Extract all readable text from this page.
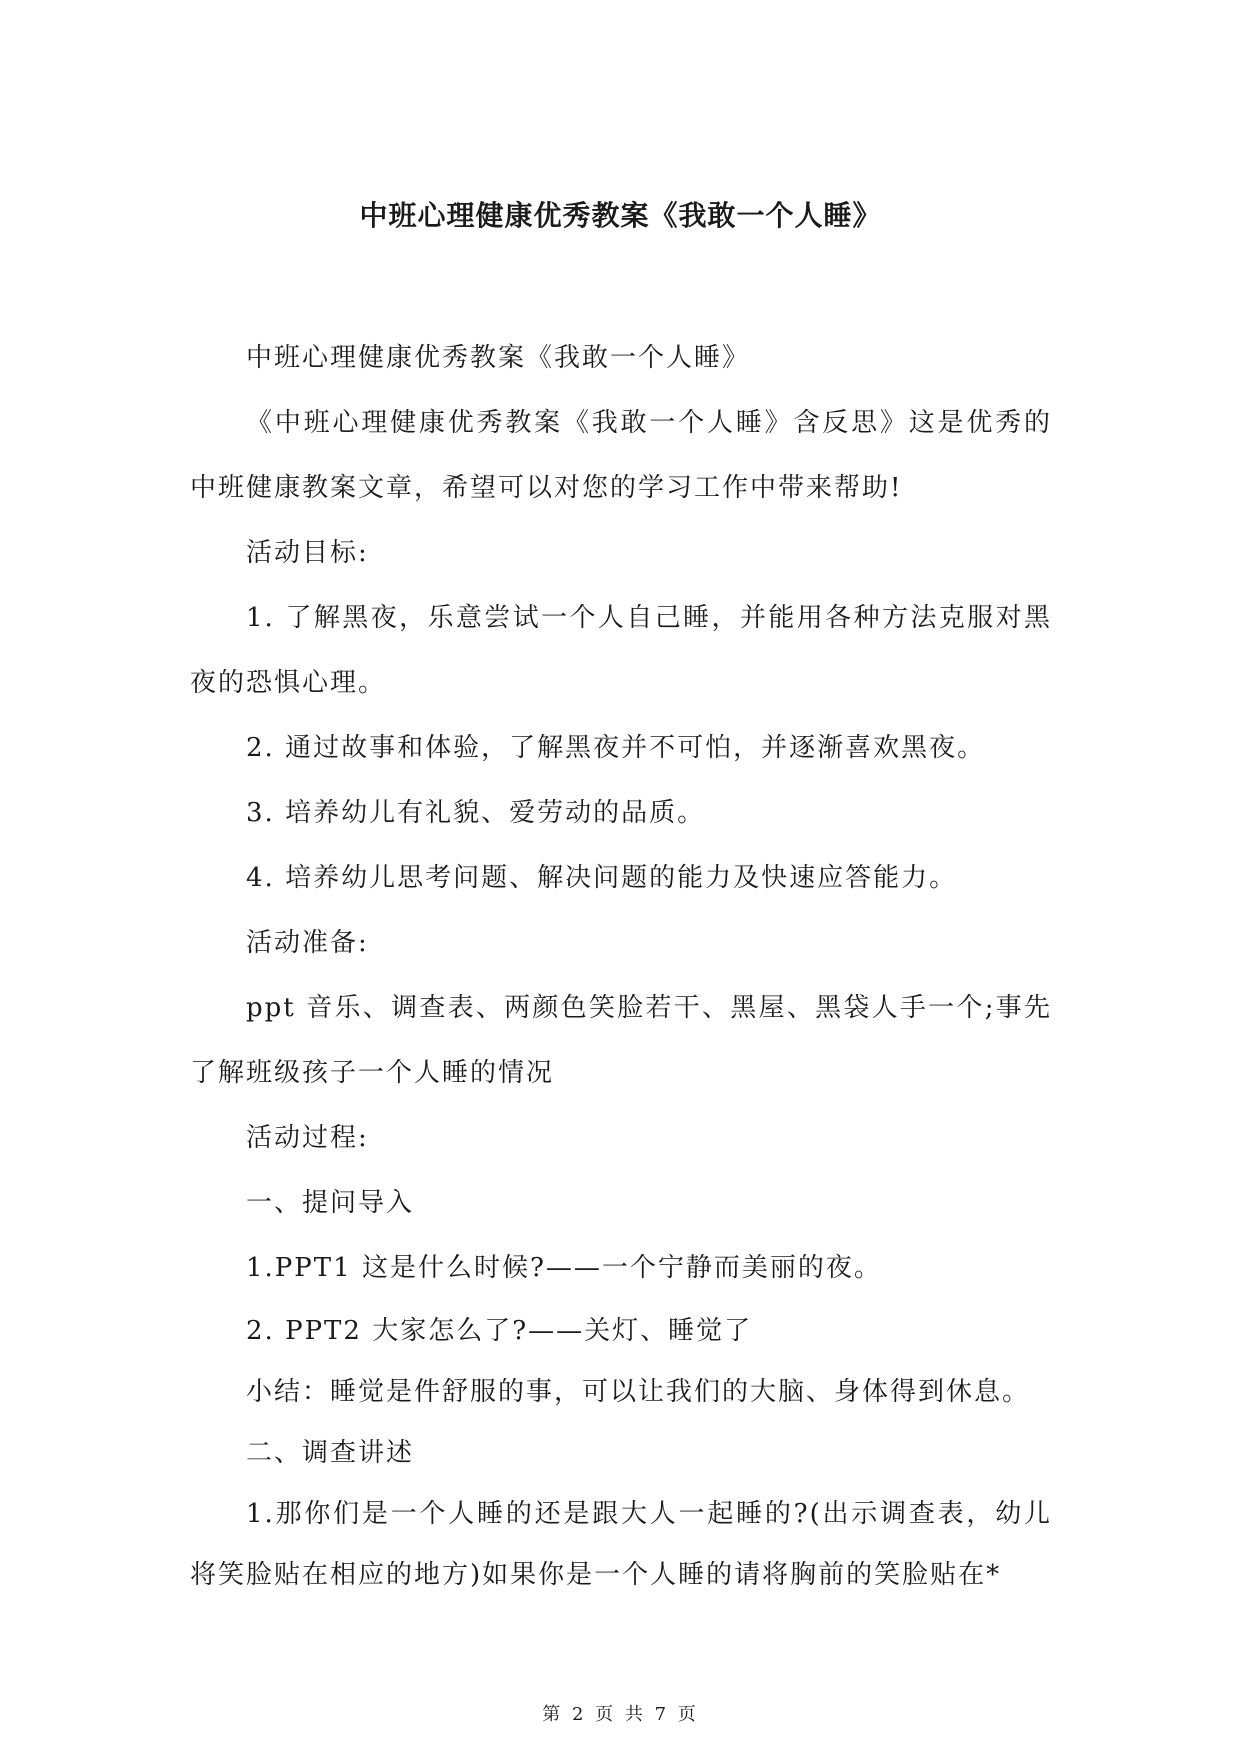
中班心理健康优秀教案《我敢一个人睡》

中班心理健康优秀教案《我敢一个人睡》

《中班心理健康优秀教案《我敢一个人睡》含反思》这是优秀的中班健康教案文章，希望可以对您的学习工作中带来帮助!

活动目标:

1. 了解黑夜，乐意尝试一个人自己睡，并能用各种方法克服对黑夜的恐惧心理。

2. 通过故事和体验，了解黑夜并不可怕，并逐渐喜欢黑夜。

3. 培养幼儿有礼貌、爱劳动的品质。

4. 培养幼儿思考问题、解决问题的能力及快速应答能力。

活动准备:

ppt 音乐、调查表、两颜色笑脸若干、黑屋、黑袋人手一个;事先了解班级孩子一个人睡的情况

活动过程:

一、提问导入

1.PPT1 这是什么时候?——一个宁静而美丽的夜。

2. PPT2 大家怎么了?——关灯、睡觉了

小结：睡觉是件舒服的事，可以让我们的大脑、身体得到休息。

二、调查讲述

1.那你们是一个人睡的还是跟大人一起睡的?(出示调查表，幼儿将笑脸贴在相应的地方)如果你是一个人睡的请将胸前的笑脸贴在*

第 2 页 共 7 页
